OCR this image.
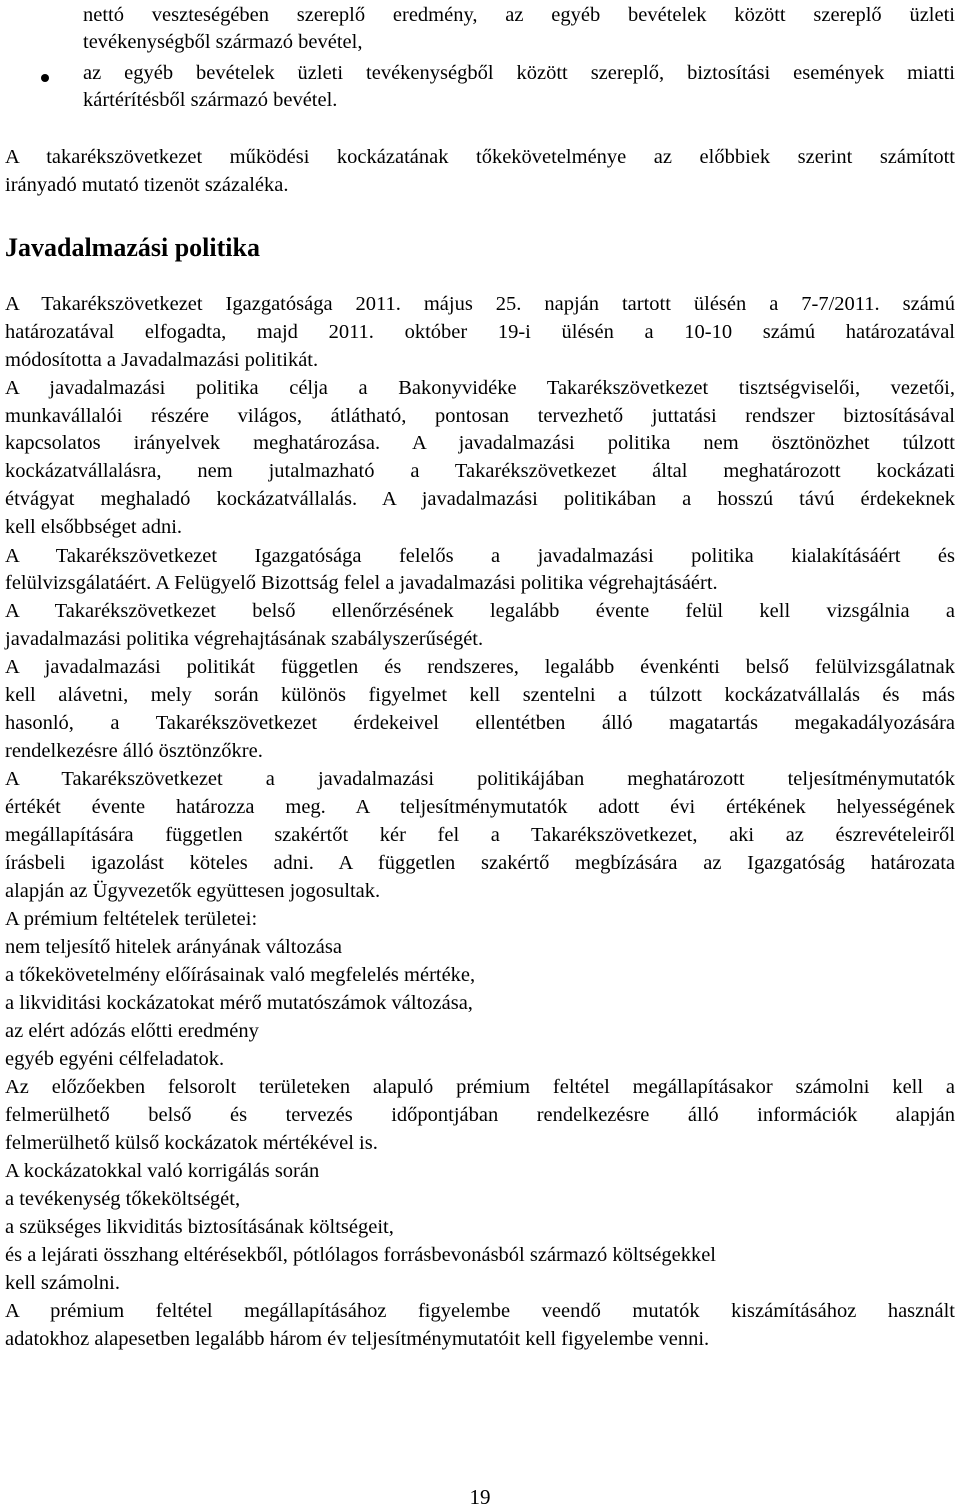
nettó veszteségében szereplő eredmény, az egyéb bevételek között szereplő üzleti
tevékenységből származó bevétel,
az egyéb bevételek üzleti tevékenységből között szereplő, biztosítási események miatti
kártérítésből származó bevétel.
A takarékszövetkezet működési kockázatának tőkekövetelménye az előbbiek szerint számított
irányadó mutató tizenöt százaléka.
Javadalmazási politika
A Takarékszövetkezet Igazgatósága 2011. május 25. napján tartott ülésén a 7-7/2011. számú
határozatával elfogadta, majd 2011. október 19-i ülésén a 10-10 számú határozatával
módosította a Javadalmazási politikát.
A javadalmazási politika célja a Bakonyvidéke Takarékszövetkezet tisztségviselői, vezetői,
munkavállalói részére világos, átlátható, pontosan tervezhető juttatási rendszer biztosításával
kapcsolatos irányelvek meghatározása. A javadalmazási politika nem ösztönözhet túlzott
kockázatvállalásra, nem jutalmazható a Takarékszövetkezet által meghatározott kockázati
étvágyat meghaladó kockázatvállalás. A javadalmazási politikában a hosszú távú érdekeknek
kell elsőbbséget adni.
A Takarékszövetkezet Igazgatósága felelős a javadalmazási politika kialakításáért és
felülvizsgálatáért. A Felügyelő Bizottság felel a javadalmazási politika végrehajtásáért.
A Takarékszövetkezet belső ellenőrzésének legalább évente felül kell vizsgálnia a
javadalmazási politika végrehajtásának szabályszerűségét.
A javadalmazási politikát független és rendszeres, legalább évenkénti belső felülvizsgálatnak
kell alávetni, mely során különös figyelmet kell szentelni a túlzott kockázatvállalás és más
hasonló, a Takarékszövetkezet érdekeivel ellentétben álló magatartás megakadályozására
rendelkezésre álló ösztönzőkre.
A Takarékszövetkezet a javadalmazási politikájában meghatározott teljesítménymutatók
értékét évente határozza meg. A teljesítménymutatók adott évi értékének helyességének
megállapítására független szakértőt kér fel a Takarékszövetkezet, aki az észrevételeiről
írásbeli igazolást köteles adni. A független szakértő megbízására az Igazgatóság határozata
alapján az Ügyvezetők együttesen jogosultak.
A prémium feltételek területei:
nem teljesítő hitelek arányának változása
a tőkekövetelmény előírásainak való megfelelés mértéke,
a likviditási kockázatokat mérő mutatószámok változása,
az elért adózás előtti eredmény
egyéb egyéni célfeladatok.
Az előzőekben felsorolt területeken alapuló prémium feltétel megállapításakor számolni kell a
felmerülhető belső és tervezés időpontjában rendelkezésre álló információk alapján
felmerülhető külső kockázatok mértékével is.
A kockázatokkal való korrigálás során
a tevékenység tőkeköltségét,
a szükséges likviditás biztosításának költségeit,
és a lejárati összhang eltérésekből, pótlólagos forrásbevonásból származó költségekkel
kell számolni.
A prémium feltétel megállapításához figyelembe veendő mutatók kiszámításához használt
adatokhoz alapesetben legalább három év teljesítménymutatóit kell figyelembe venni.
19
